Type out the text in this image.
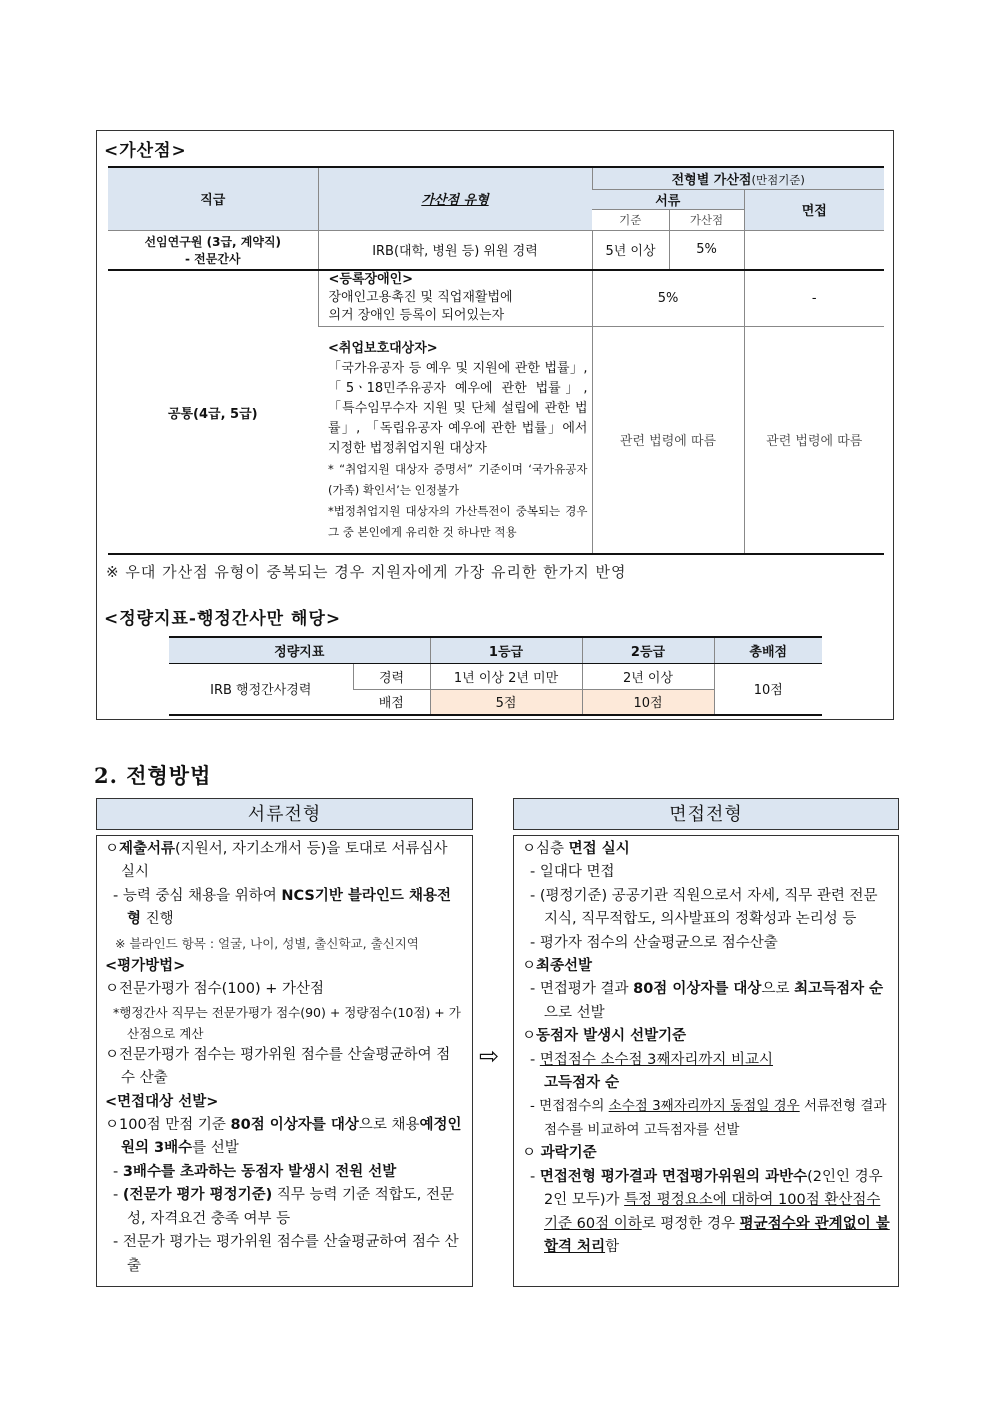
<가산점>
직급	가산점 유형	전형별 가산점(만점기준)		
		서류		면접
		기준	가산점	
선임연구원 (3급, 계약직)
- 전문간사	IRB(대학, 병원 등) 위원 경력	5년 이상	5%	
공통(4급, 5급)	<등록장애인>
장애인고용촉진 및 직업재활법에
의거 장애인 등록이 되어있는자	5%		-
	<취업보호대상자>
「국가유공자 등 예우 및 지원에 관한 법률」, 「5ㆍ18민주유공자 예우에 관한 법률」, 「특수임무수자 지원 및 단체 설립에 관한 법률」, 「독립유공자 예우에 관한 법률」에서 지정한 법정취업지원 대상자
* “취업지원 대상자 증명서” 기준이며 ‘국가유공자(가족) 확인서’는 인정불가
*법정취업지원 대상자의 가산특전이 중복되는 경우 그 중 본인에게 유리한 것 하나만 적용	관련 법령에 따름		관련 법령에 따름
※ 우대 가산점 유형이 중복되는 경우 지원자에게 가장 유리한 한가지 반영
<정량지표-행정간사만 해당>
정량지표		1등급	2등급	총배점
IRB 행정간사경력	경력	1년 이상 2년 미만	2년 이상	10점
	배점	5점	10점	
2. 전형방법
서류전형	면접전형
⇨

ㅇ제출서류(지원서, 자기소개서 등)을 토대로 서류심사 실시

- 능력 중심 채용을 위하여 NCS기반 블라인드 채용전형 진행

※ 블라인드 항목 : 얼굴, 나이, 성별, 출신학교, 출신지역

<평가방법>

ㅇ전문가평가 점수(100) + 가산점

*행정간사 직무는 전문가평가 점수(90) + 정량점수(10점) + 가산점으로 계산

ㅇ전문가평가 점수는 평가위원 점수를 산술평균하여 점수 산출

<면접대상 선발>

ㅇ100점 만점 기준 80점 이상자를 대상으로 채용예정인원의 3배수를 선발

- 3배수를 초과하는 동점자 발생시 전원 선발

- (전문가 평가 평정기준) 직무 능력 기준 적합도, 전문성, 자격요건 충족 여부 등

- 전문가 평가는 평가위원 점수를 산술평균하여 점수 산출

ㅇ심층 면접 실시

- 일대다 면접

- (평정기준) 공공기관 직원으로서 자세, 직무 관련 전문지식, 직무적합도, 의사발표의 정확성과 논리성 등

- 평가자 점수의 산술평균으로 점수산출

ㅇ최종선발

- 면접평가 결과 80점 이상자를 대상으로 최고득점자 순으로 선발

ㅇ동점자 발생시 선발기준

- 면접점수 소수점 3째자리까지 비교시
고득점자 순

- 면접점수의 소수점 3째자리까지 동점일 경우 서류전형 결과 점수를 비교하여 고득점자를 선발

ㅇ 과락기준

- 면접전형 평가결과 면접평가위원의 과반수(2인인 경우 2인 모두)가 특정 평정요소에 대하여 100점 환산점수 기준 60점 이하로 평정한 경우 평균점수와 관계없이 불합격 처리함
